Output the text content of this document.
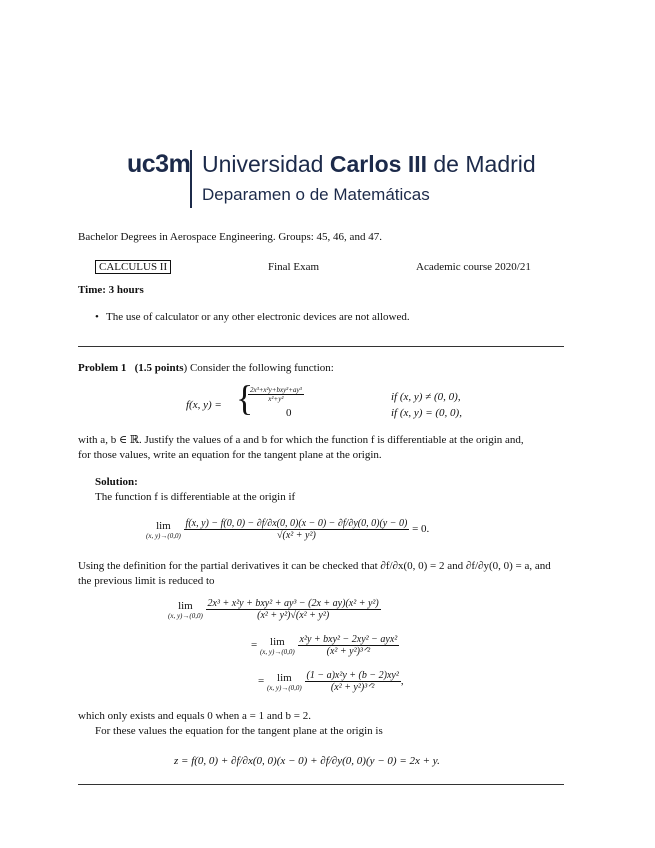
uc3m Universidad Carlos III de Madrid
Deparamen o de Matemáticas
Bachelor Degrees in Aerospace Engineering. Groups: 45, 46, and 47.
CALCULUS II	Final Exam	Academic course 2020/21
Time: 3 hours
• The use of calculator or any other electronic devices are not allowed.
Problem 1 (1.5 points) Consider the following function:
f(x, y) = {
$\frac{\text{2x³+x²y+bxy²+ay³}}{\text{x²+y²}}$	if (x, y) ≠ (0, 0),
0	if (x, y) = (0, 0),
with a, b ∈ ℝ. Justify the values of a and b for which the function f is differentiable at the origin and,
for those values, write an equation for the tangent plane at the origin.
Solution:
The function f is differentiable at the origin if
lim
(x, y)→(0,0)
$\frac{f(x, y) - f(0, 0) - \partial f/\partial x(0, 0)(x - 0) - \partial f/\partial y(0, 0)(y - 0)}{\text{√(x² + y²)}} = 0$.
Using the definition for the partial derivatives it can be checked that ∂f/∂x(0, 0) = 2 and ∂f/∂y(0, 0) = a, and
the previous limit is reduced to
lim
(x, y)→(0,0)
$\frac{\text{2x³ + x²y + bxy² + ay³ − (2x + ay)(x² + y²)}}{\text{(x² + y²)√(x² + y²)}}$
= lim
(x, y)→(0,0)
$\frac{\text{x²y + bxy² − 2xy² − ayx²}}{\text{(x² + y²)³ᐟ²}}$
= lim
(x, y)→(0,0)
$\frac{\text{(1 − a)x²y + (b − 2)xy²}}{\text{(x² + y²)³ᐟ²}}$ ,
which only exists and equals 0 when a = 1 and b = 2.
For these values the equation for the tangent plane at the origin is
z = f(0, 0) + ∂f/∂x(0, 0)(x − 0) + ∂f/∂y(0, 0)(y − 0) = 2x + y.
